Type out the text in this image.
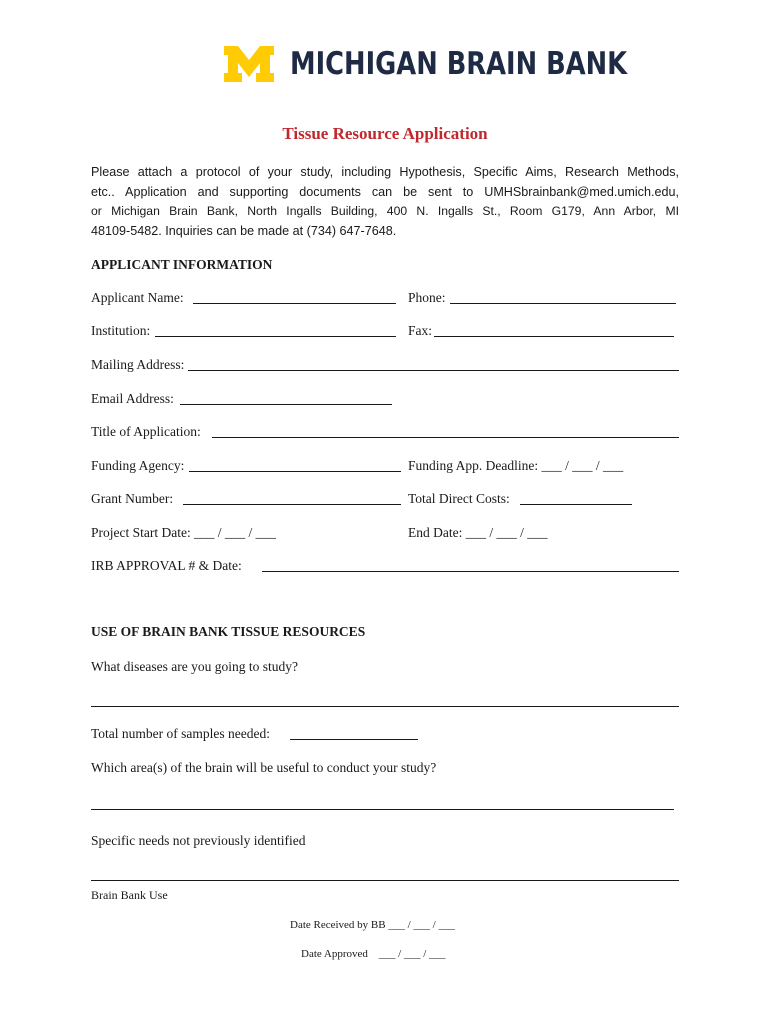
MICHIGAN BRAIN BANK
Tissue Resource Application
Please attach a protocol of your study, including Hypothesis, Specific Aims, Research Methods,
etc.. Application and supporting documents can be sent to UMHSbrainbank@med.umich.edu,
or Michigan Brain Bank, North Ingalls Building, 400 N. Ingalls St., Room G179, Ann Arbor, MI
48109-5482. Inquiries can be made at (734) 647-7648.
APPLICANT INFORMATION
Applicant Name:	Phone:
Institution:	Fax:
Mailing Address:
Email Address:
Title of Application:
Funding Agency:	Funding App. Deadline: ___ / ___ / ___
Grant Number:	Total Direct Costs:
Project Start Date: ___ / ___ / ___	End Date: ___ / ___ / ___
IRB APPROVAL # & Date:
USE OF BRAIN BANK TISSUE RESOURCES
What diseases are you going to study?
Total number of samples needed:
Which area(s) of the brain will be useful to conduct your study?
Specific needs not previously identified
Brain Bank Use
Date Received by BB ___ / ___ / ___
Date Approved    ___ / ___ / ___
